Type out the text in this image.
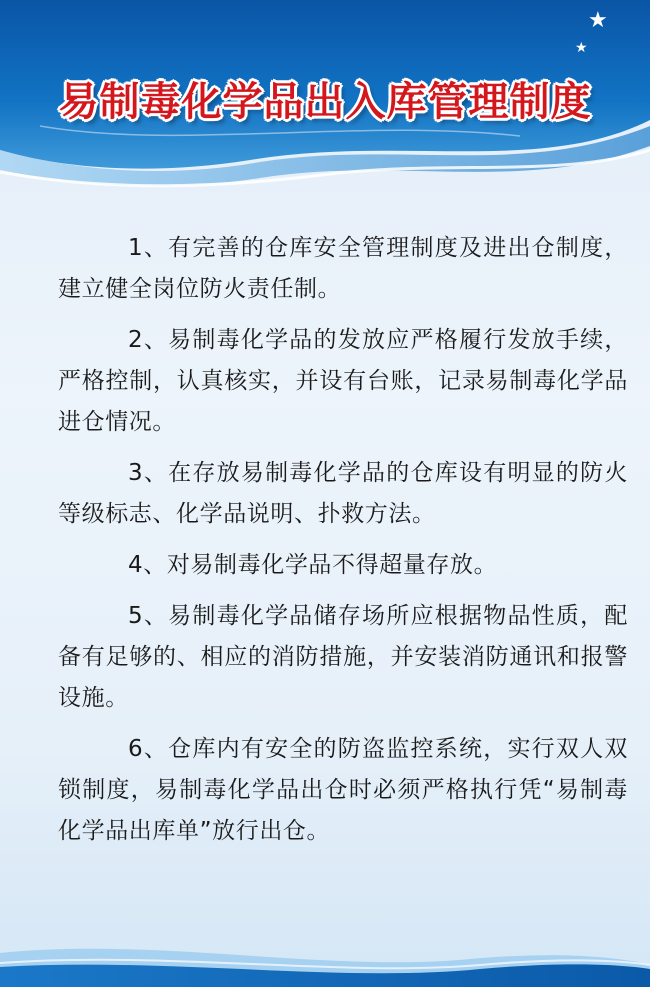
★
★
易制毒化学品出入库管理制度

1、有完善的仓库安全管理制度及进出仓制度，建立健全岗位防火责任制。

2、易制毒化学品的发放应严格履行发放手续，严格控制，认真核实，并设有台账，记录易制毒化学品进仓情况。

3、在存放易制毒化学品的仓库设有明显的防火等级标志、化学品说明、扑救方法。

4、对易制毒化学品不得超量存放。

5、易制毒化学品储存场所应根据物品性质，配备有足够的、相应的消防措施，并安装消防通讯和报警设施。

6、仓库内有安全的防盗监控系统，实行双人双锁制度，易制毒化学品出仓时必须严格执行凭“易制毒化学品出库单”放行出仓。
